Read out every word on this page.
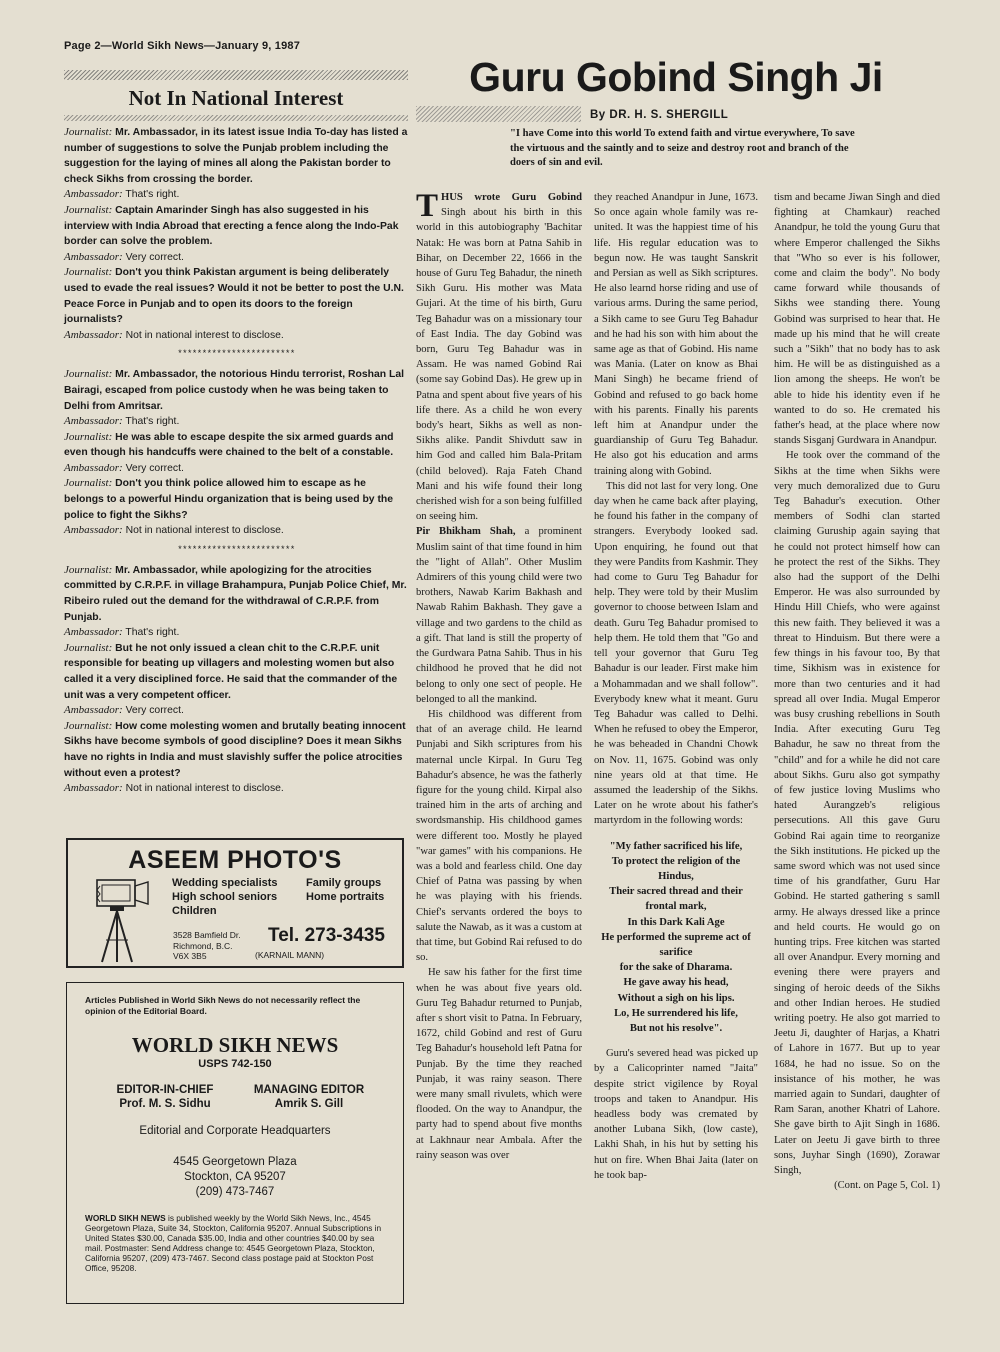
Page 2—World Sikh News—January 9, 1987
Not In National Interest

Journalist: Mr. Ambassador, in its latest issue India To-day has listed a number of suggestions to solve the Punjab problem including the suggestion for the laying of mines all along the Pakistan border to check Sikhs from crossing the border.

Ambassador: That's right.

Journalist: Captain Amarinder Singh has also suggested in his interview with India Abroad that erecting a fence along the Indo-Pak border can solve the problem.

Ambassador: Very correct.

Journalist: Don't you think Pakistan argument is being deliberately used to evade the real issues? Would it not be better to post the U.N. Peace Force in Punjab and to open its doors to the foreign journalists?

Ambassador: Not in national interest to disclose.

************************

Journalist: Mr. Ambassador, the notorious Hindu terrorist, Roshan Lal Bairagi, escaped from police custody when he was being taken to Delhi from Amritsar.

Ambassador: That's right.

Journalist: He was able to escape despite the six armed guards and even though his handcuffs were chained to the belt of a constable.

Ambassador: Very correct.

Journalist: Don't you think police allowed him to escape as he belongs to a powerful Hindu organization that is being used by the police to fight the Sikhs?

Ambassador: Not in national interest to disclose.

************************

Journalist: Mr. Ambassador, while apologizing for the atrocities committed by C.R.P.F. in village Brahampura, Punjab Police Chief, Mr. Ribeiro ruled out the demand for the withdrawal of C.R.P.F. from Punjab.

Ambassador: That's right.

Journalist: But he not only issued a clean chit to the C.R.P.F. unit responsible for beating up villagers and molesting women but also called it a very disciplined force. He said that the commander of the unit was a very competent officer.

Ambassador: Very correct.

Journalist: How come molesting women and brutally beating innocent Sikhs have become symbols of good discipline? Does it mean Sikhs have no rights in India and must slavishly suffer the police atrocities without even a protest?

Ambassador: Not in national interest to disclose.

ASEEM PHOTO'S
Wedding specialists
High school seniors
Children
Family groups
Home portraits
3528 Bamfield Dr.
Richmond, B.C.
V6X 3B5
Tel. 273-3435
(KARNAIL MANN)
Articles Published in World Sikh News do not necessarily reflect the opinion of the Editorial Board.
WORLD SIKH NEWS
USPS 742-150
EDITOR-IN-CHIEF
Prof. M. S. Sidhu
MANAGING EDITOR
Amrik S. Gill
Editorial and Corporate Headquarters
4545 Georgetown Plaza
Stockton, CA 95207
(209) 473-7467
WORLD SIKH NEWS is published weekly by the World Sikh News, Inc., 4545 Georgetown Plaza, Suite 34, Stockton, California 95207. Annual Subscriptions in United States $30.00, Canada $35.00, India and other countries $40.00 by sea mail. Postmaster: Send Address change to: 4545 Georgetown Plaza, Stockton, California 95207, (209) 473-7467. Second class postage paid at Stockton Post Office, 95208.
Guru Gobind Singh Ji
By DR. H. S. SHERGILL
"I have Come into this world To extend faith and virtue everywhere, To save the virtuous and the saintly and to seize and destroy root and branch of the doers of sin and evil.

THUS wrote Guru Gobind Singh about his birth in this world in this autobiography 'Bachitar Natak: He was born at Patna Sahib in Bihar, on December 22, 1666 in the house of Guru Teg Bahadur, the nineth Sikh Guru. His mother was Mata Gujari. At the time of his birth, Guru Teg Bahadur was on a missionary tour of East India. The day Gobind was born, Guru Teg Bahadur was in Assam. He was named Gobind Rai (some say Gobind Das). He grew up in Patna and spent about five years of his life there. As a child he won every body's heart, Sikhs as well as non-Sikhs alike. Pandit Shivdutt saw in him God and called him Bala-Pritam (child beloved). Raja Fateh Chand Mani and his wife found their long cherished wish for a son being fulfilled on seeing him.

Pir Bhikham Shah, a prominent Muslim saint of that time found in him the "light of Allah". Other Muslim Admirers of this young child were two brothers, Nawab Karim Bakhash and Nawab Rahim Bakhash. They gave a village and two gardens to the child as a gift. That land is still the property of the Gurdwara Patna Sahib. Thus in his childhood he proved that he did not belong to only one sect of people. He belonged to all the mankind.

His childhood was different from that of an average child. He learnd Punjabi and Sikh scriptures from his maternal uncle Kirpal. In Guru Teg Bahadur's absence, he was the fatherly figure for the young child. Kirpal also trained him in the arts of arching and swordsmanship. His childhood games were different too. Mostly he played "war games" with his companions. He was a bold and fearless child. One day Chief of Patna was passing by when he was playing with his friends. Chief's servants ordered the boys to salute the Nawab, as it was a custom at that time, but Gobind Rai refused to do so.

He saw his father for the first time when he was about five years old. Guru Teg Bahadur returned to Punjab, after s short visit to Patna. In February, 1672, child Gobind and rest of Guru Teg Bahadur's household left Patna for Punjab. By the time they reached Punjab, it was rainy season. There were many small rivulets, which were flooded. On the way to Anandpur, the party had to spend about five months at Lakhnaur near Ambala. After the rainy season was over

they reached Anandpur in June, 1673. So once again whole family was re-united. It was the happiest time of his life. His regular education was to begun now. He was taught Sanskrit and Persian as well as Sikh scriptures. He also learnd horse riding and use of various arms. During the same period, a Sikh came to see Guru Teg Bahadur and he had his son with him about the same age as that of Gobind. His name was Mania. (Later on know as Bhai Mani Singh) he became friend of Gobind and refused to go back home with his parents. Finally his parents left him at Anandpur under the guardianship of Guru Teg Bahadur. He also got his education and arms training along with Gobind.

This did not last for very long. One day when he came back after playing, he found his father in the company of strangers. Everybody looked sad. Upon enquiring, he found out that they were Pandits from Kashmir. They had come to Guru Teg Bahadur for help. They were told by their Muslim governor to choose between Islam and death. Guru Teg Bahadur promised to help them. He told them that "Go and tell your governor that Guru Teg Bahadur is our leader. First make him a Mohammadan and we shall follow". Everybody knew what it meant. Guru Teg Bahadur was called to Delhi. When he refused to obey the Emperor, he was beheaded in Chandni Chowk on Nov. 11, 1675. Gobind was only nine years old at that time. He assumed the leadership of the Sikhs. Later on he wrote about his father's martyrdom in the following words:

"My father sacrificed his life,
To protect the religion of the
Hindus,
Their sacred thread and their
frontal mark,
In this Dark Kali Age
He performed the supreme act of
sarifice
for the sake of Dharama.
He gave away his head,
Without a sigh on his lips.
Lo, He surrendered his life,
But not his resolve".

Guru's severed head was picked up by a Calicoprinter named "Jaita" despite strict vigilence by Royal troops and taken to Anandpur. His headless body was cremated by another Lubana Sikh, (low caste), Lakhi Shah, in his hut by setting his hut on fire. When Bhai Jaita (later on he took bap-

tism and became Jiwan Singh and died fighting at Chamkaur) reached Anandpur, he told the young Guru that where Emperor challenged the Sikhs that "Who so ever is his follower, come and claim the body". No body came forward while thousands of Sikhs wee standing there. Young Gobind was surprised to hear that. He made up his mind that he will create such a "Sikh" that no body has to ask him. He will be as distinguished as a lion among the sheeps. He won't be able to hide his identity even if he wanted to do so. He cremated his father's head, at the place where now stands Sisganj Gurdwara in Anandpur.

He took over the command of the Sikhs at the time when Sikhs were very much demoralized due to Guru Teg Bahadur's execution. Other members of Sodhi clan started claiming Guruship again saying that he could not protect himself how can he protect the rest of the Sikhs. They also had the support of the Delhi Emperor. He was also surrounded by Hindu Hill Chiefs, who were against this new faith. They believed it was a threat to Hinduism. But there were a few things in his favour too, By that time, Sikhism was in existence for more than two centuries and it had spread all over India. Mugal Emperor was busy crushing rebellions in South India. After executing Guru Teg Bahadur, he saw no threat from the "child" and for a while he did not care about Sikhs. Guru also got sympathy of few justice loving Muslims who hated Aurangzeb's religious persecutions. All this gave Guru Gobind Rai again time to reorganize the Sikh institutions. He picked up the same sword which was not used since time of his grandfather, Guru Har Gobind. He started gathering s samll army. He always dressed like a prince and held courts. He would go on hunting trips. Free kitchen was started all over Anandpur. Every morning and evening there were prayers and singing of heroic deeds of the Sikhs and other Indian heroes. He studied writing poetry. He also got married to Jeetu Ji, daughter of Harjas, a Khatri of Lahore in 1677. But up to year 1684, he had no issue. So on the insistance of his mother, he was married again to Sundari, daughter of Ram Saran, another Khatri of Lahore. She gave birth to Ajit Singh in 1686. Later on Jeetu Ji gave birth to three sons, Juyhar Singh (1690), Zorawar Singh,

(Cont. on Page 5, Col. 1)
